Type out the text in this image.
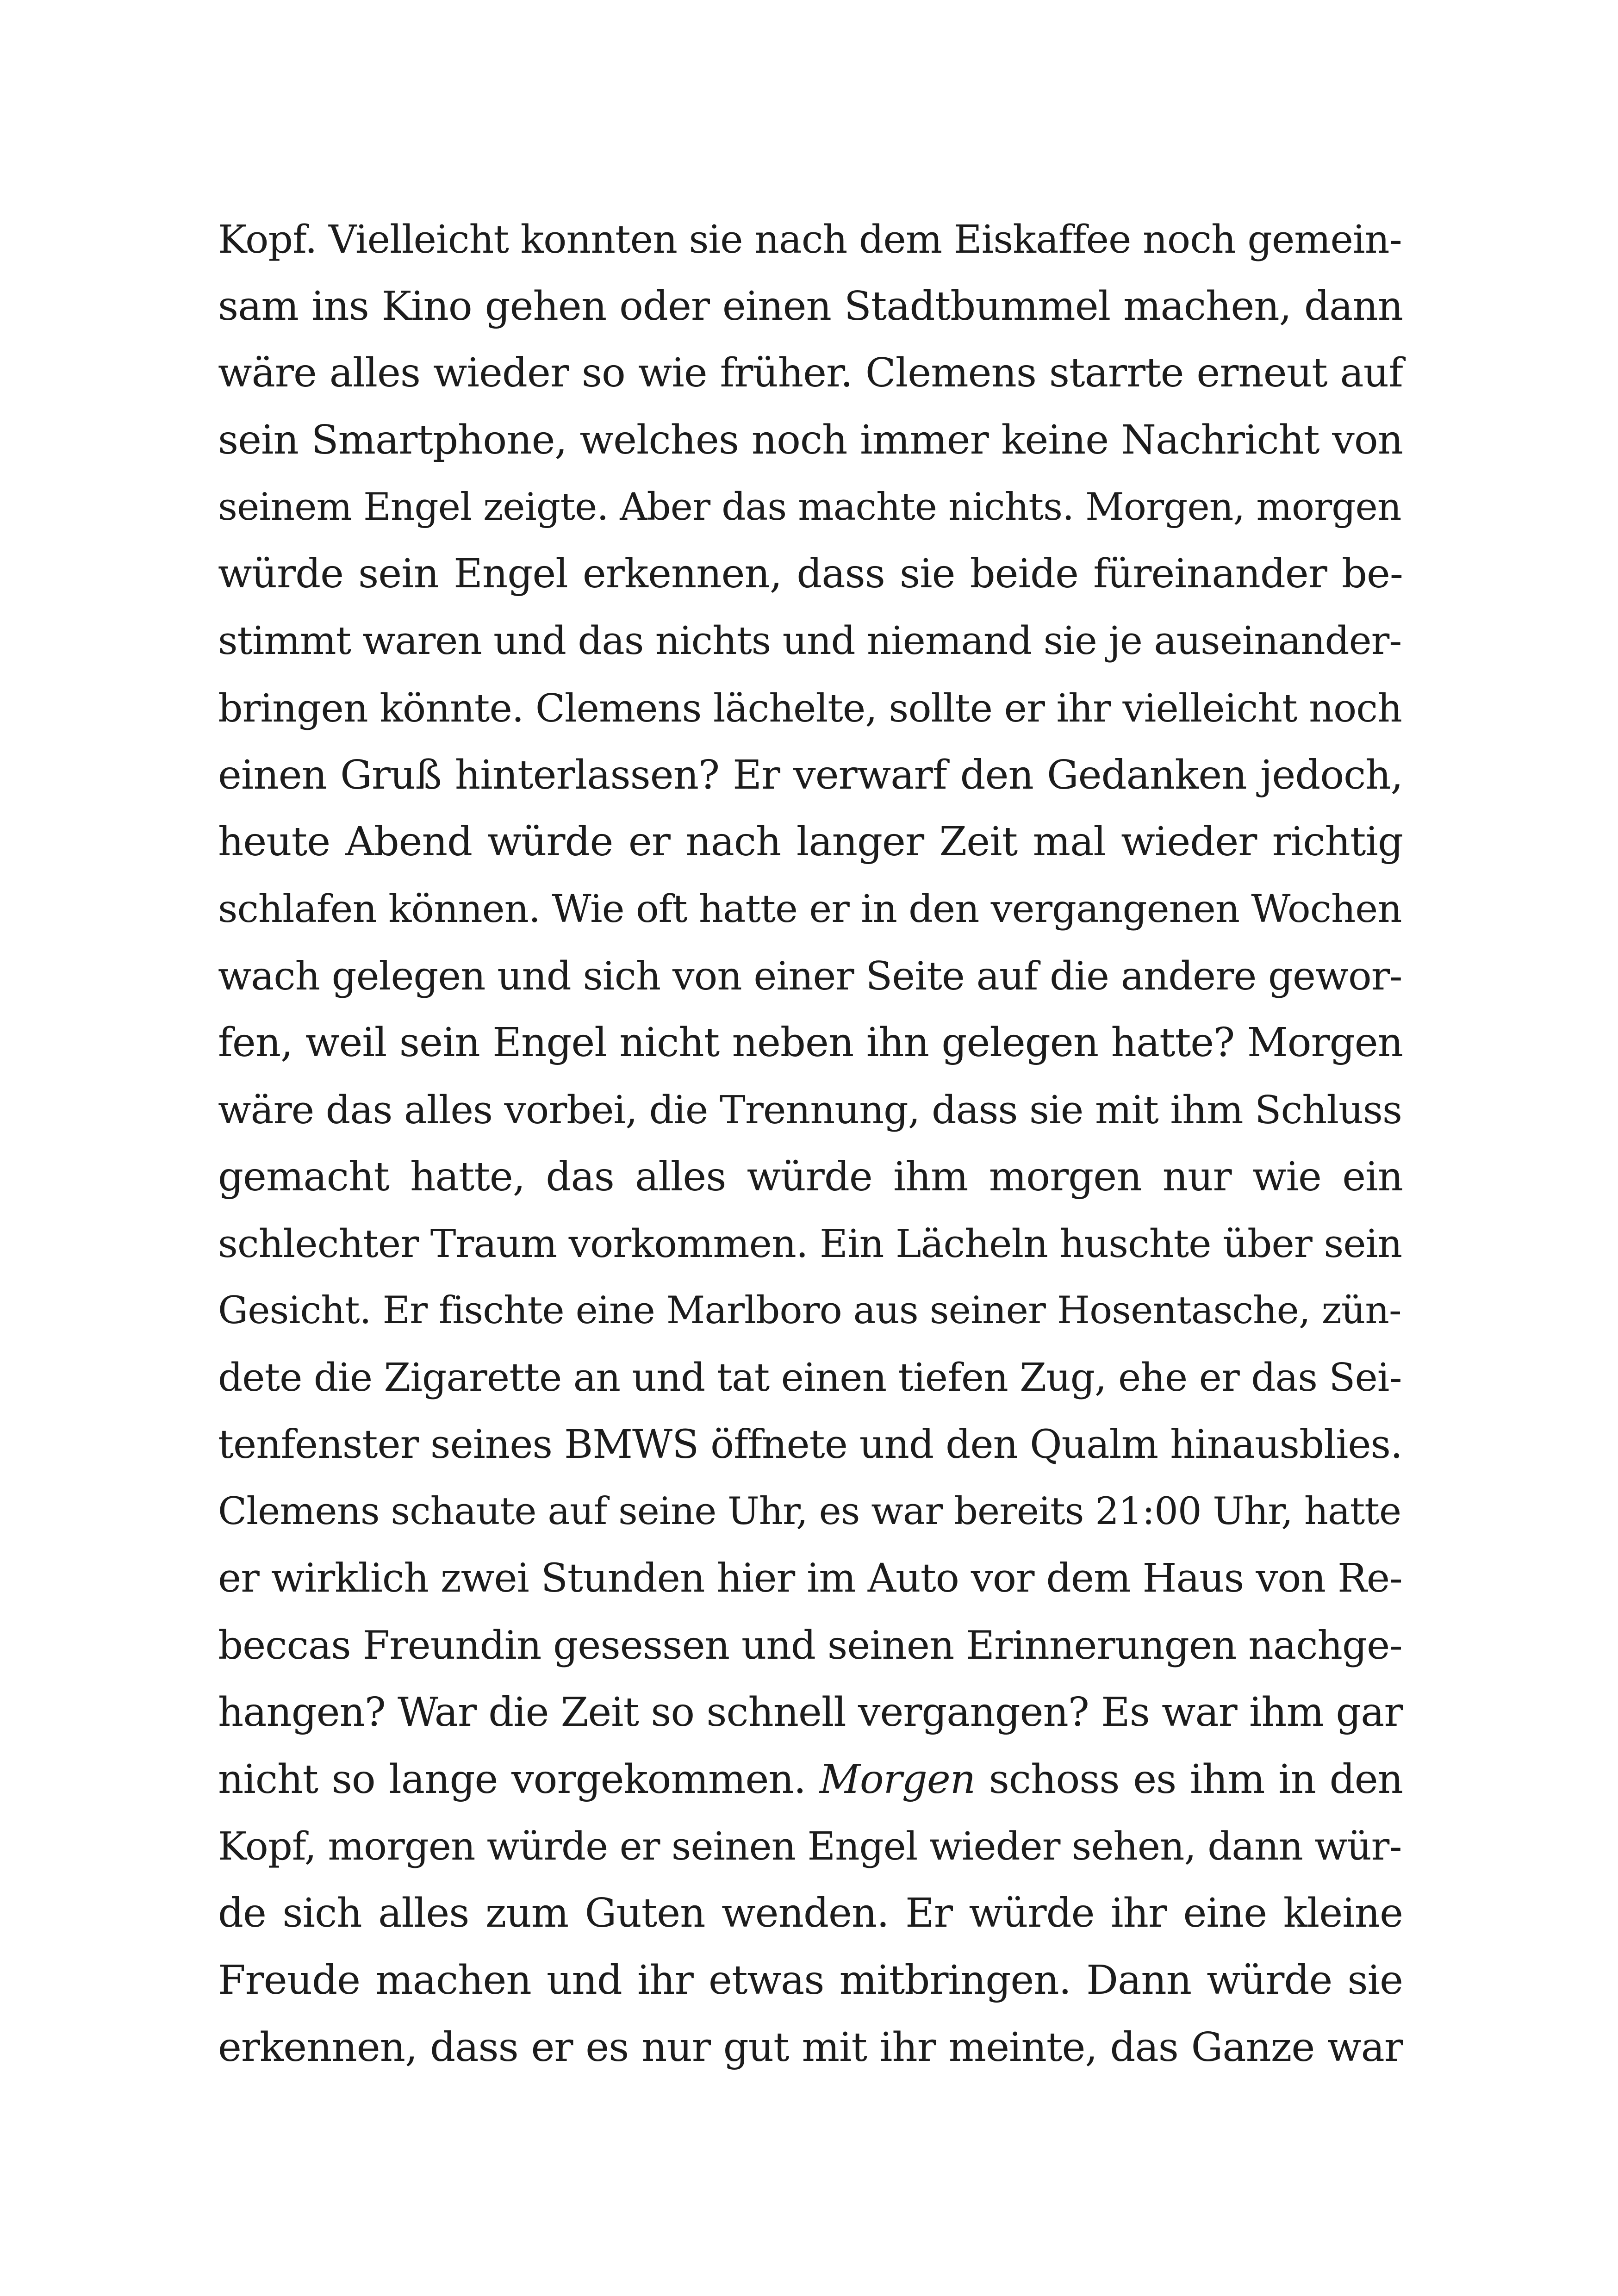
Kopf. Vielleicht konnten sie nach dem Eiskaffee noch gemein-
sam ins Kino gehen oder einen Stadtbummel machen, dann
wäre alles wieder so wie früher. Clemens starrte erneut auf
sein Smartphone, welches noch immer keine Nachricht von
seinem Engel zeigte. Aber das machte nichts. Morgen, morgen
würde sein Engel erkennen, dass sie beide füreinander be-
stimmt waren und das nichts und niemand sie je auseinander-
bringen könnte. Clemens lächelte, sollte er ihr vielleicht noch
einen Gruß hinterlassen? Er verwarf den Gedanken jedoch,
heute Abend würde er nach langer Zeit mal wieder richtig
schlafen können. Wie oft hatte er in den vergangenen Wochen
wach gelegen und sich von einer Seite auf die andere gewor-
fen, weil sein Engel nicht neben ihn gelegen hatte? Morgen
wäre das alles vorbei, die Trennung, dass sie mit ihm Schluss
gemacht hatte, das alles würde ihm morgen nur wie ein
schlechter Traum vorkommen. Ein Lächeln huschte über sein
Gesicht. Er fischte eine Marlboro aus seiner Hosentasche, zün-
dete die Zigarette an und tat einen tiefen Zug, ehe er das Sei-
tenfenster seines BMWS öffnete und den Qualm hinausblies.
Clemens schaute auf seine Uhr, es war bereits 21:00 Uhr, hatte
er wirklich zwei Stunden hier im Auto vor dem Haus von Re-
beccas Freundin gesessen und seinen Erinnerungen nachge-
hangen? War die Zeit so schnell vergangen? Es war ihm gar
nicht so lange vorgekommen. Morgen schoss es ihm in den
Kopf, morgen würde er seinen Engel wieder sehen, dann wür-
de sich alles zum Guten wenden. Er würde ihr eine kleine
Freude machen und ihr etwas mitbringen. Dann würde sie
erkennen, dass er es nur gut mit ihr meinte, das Ganze war
